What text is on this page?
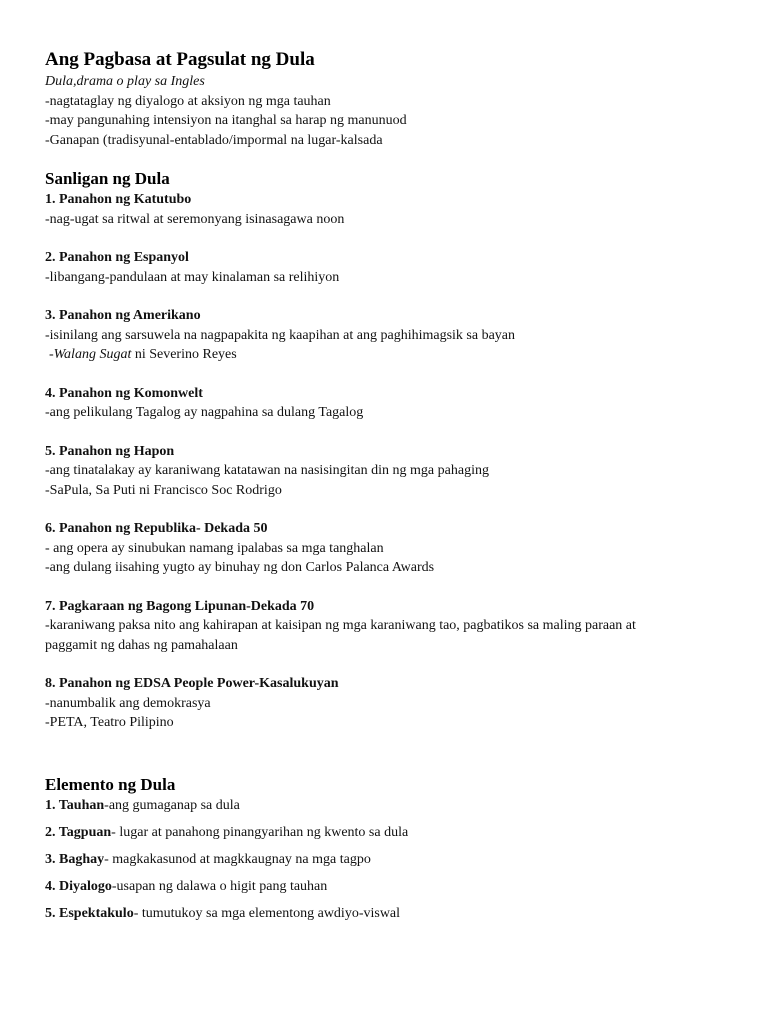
Ang Pagbasa at Pagsulat ng Dula

Dula,drama o play sa Ingles

-nagtataglay ng diyalogo at aksiyon ng mga tauhan

-may pangunahing intensiyon na itanghal sa harap ng manunuod

-Ganapan (tradisyunal-entablado/impormal na lugar-kalsada

Sanligan ng Dula

1. Panahon ng Katutubo

-nag-ugat sa ritwal at seremonyang isinasagawa noon

2. Panahon ng Espanyol

-libangang-pandulaan at may kinalaman sa relihiyon

3. Panahon ng Amerikano

-isinilang ang sarsuwela na nagpapakita ng kaapihan at ang paghihimagsik sa bayan

-Walang Sugat ni Severino Reyes

4. Panahon ng Komonwelt

-ang pelikulang Tagalog ay nagpahina sa dulang Tagalog

5. Panahon ng Hapon

-ang tinatalakay ay karaniwang katatawan na nasisingitan din ng mga pahaging

-SaPula, Sa Puti ni Francisco Soc Rodrigo

6. Panahon ng Republika- Dekada 50

- ang opera ay sinubukan namang ipalabas sa mga tanghalan

-ang dulang iisahing yugto ay binuhay ng don Carlos Palanca Awards

7. Pagkaraan ng Bagong Lipunan-Dekada 70

-karaniwang paksa nito ang kahirapan at kaisipan ng mga karaniwang tao, pagbatikos sa maling paraan at

paggamit ng dahas ng pamahalaan

8. Panahon ng EDSA People Power-Kasalukuyan

-nanumbalik ang demokrasya

-PETA, Teatro Pilipino

Elemento ng Dula

1. Tauhan-ang gumaganap sa dula

2. Tagpuan- lugar at panahong pinangyarihan ng kwento sa dula

3. Baghay- magkakasunod at magkkaugnay na mga tagpo

4. Diyalogo-usapan ng dalawa o higit pang tauhan

5. Espektakulo- tumutukoy sa mga elementong awdiyo-viswal
